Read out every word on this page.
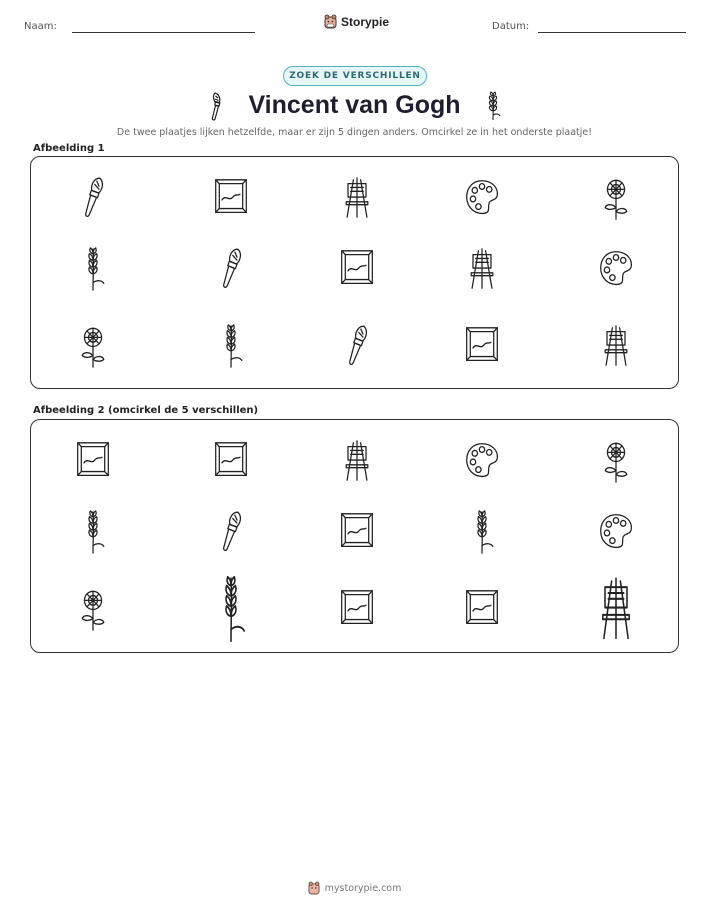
Naam:	Storypie	Datum:
ZOEK DE VERSCHILLEN
Vincent van Gogh
De twee plaatjes lijken hetzelfde, maar er zijn 5 dingen anders. Omcirkel ze in het onderste plaatje!
Afbeelding 1
Afbeelding 2 (omcirkel de 5 verschillen)
mystorypie.com
